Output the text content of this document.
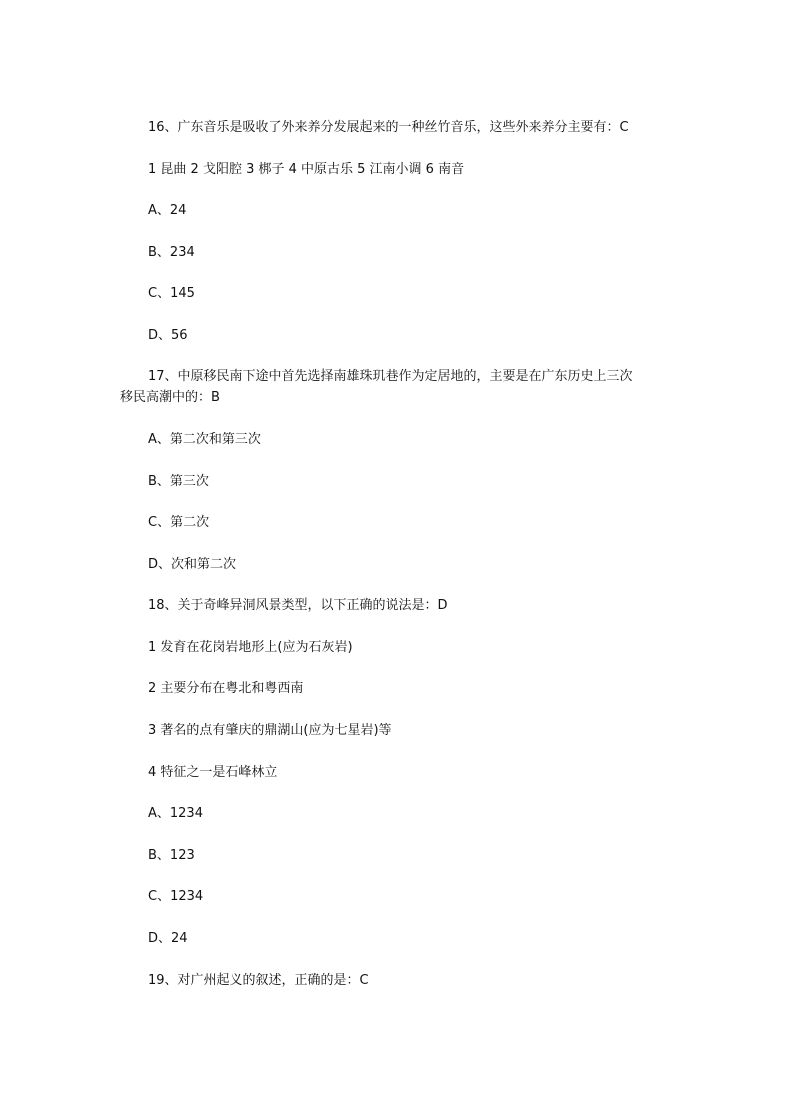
16、广东音乐是吸收了外来养分发展起来的一种丝竹音乐，这些外来养分主要有：C

1 昆曲 2 戈阳腔 3 梆子 4 中原古乐 5 江南小调 6 南音

A、24

B、234

C、145

D、56

17、中原移民南下途中首先选择南雄珠玑巷作为定居地的，主要是在广东历史上三次

移民高潮中的：B

A、第二次和第三次

B、第三次

C、第二次

D、次和第二次

18、关于奇峰异洞风景类型，以下正确的说法是：D

1 发育在花岗岩地形上(应为石灰岩)

2 主要分布在粤北和粤西南

3 著名的点有肇庆的鼎湖山(应为七星岩)等

4 特征之一是石峰林立

A、1234

B、123

C、1234

D、24

19、对广州起义的叙述，正确的是：C
